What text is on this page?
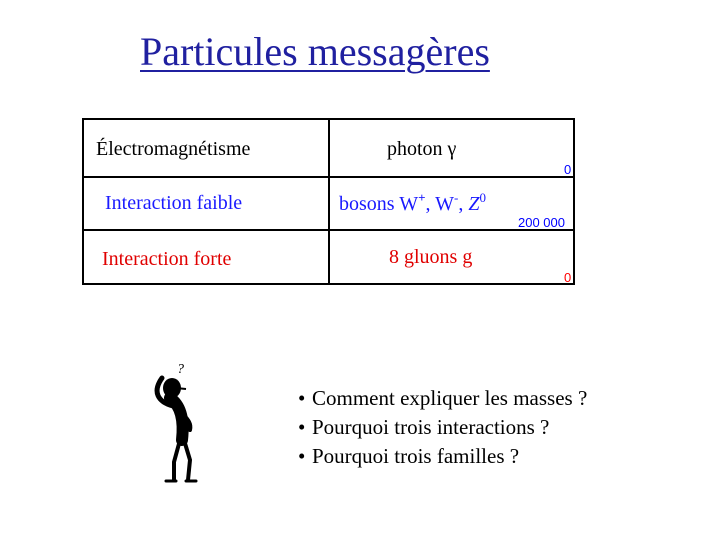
Particules messagères
Électromagnétisme	photon γ
0
Interaction faible	bosons W+, W-, $Z^0$
200 000
Interaction forte	8 gluons g
0
?
• Comment expliquer les masses ?
• Pourquoi trois interactions ?
• Pourquoi trois familles ?
